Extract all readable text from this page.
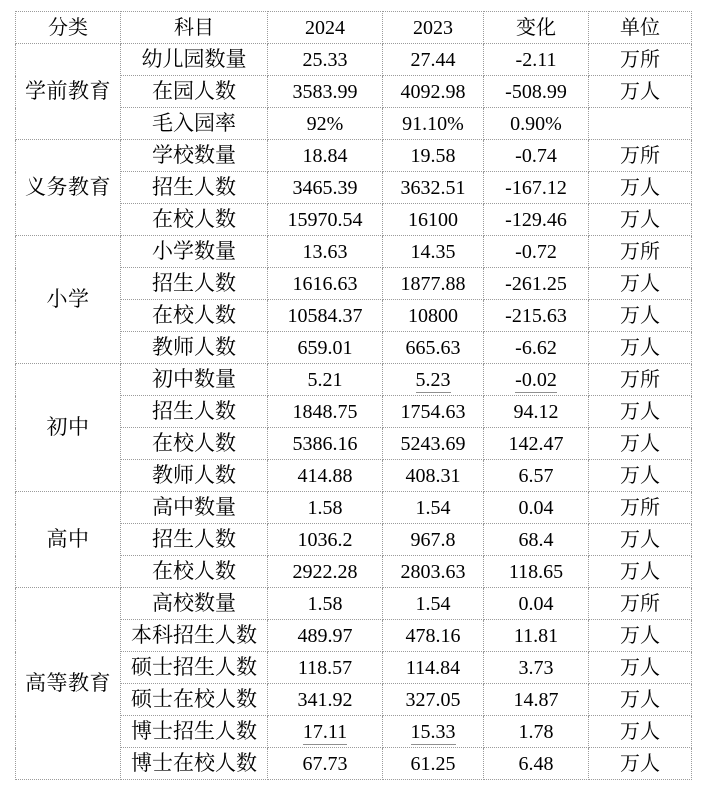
分类	科目	2024	2023	变化	单位
学前教育	幼儿园数量	25.33	27.44	-2.11	万所
	在园人数	3583.99	4092.98	-508.99	万人
	毛入园率	92%	91.10%	0.90%	
义务教育	学校数量	18.84	19.58	-0.74	万所
	招生人数	3465.39	3632.51	-167.12	万人
	在校人数	15970.54	16100	-129.46	万人
小学	小学数量	13.63	14.35	-0.72	万所
	招生人数	1616.63	1877.88	-261.25	万人
	在校人数	10584.37	10800	-215.63	万人
	教师人数	659.01	665.63	-6.62	万人
初中	初中数量	5.21	5.23	-0.02	万所
	招生人数	1848.75	1754.63	94.12	万人
	在校人数	5386.16	5243.69	142.47	万人
	教师人数	414.88	408.31	6.57	万人
高中	高中数量	1.58	1.54	0.04	万所
	招生人数	1036.2	967.8	68.4	万人
	在校人数	2922.28	2803.63	118.65	万人
高等教育	高校数量	1.58	1.54	0.04	万所
	本科招生人数	489.97	478.16	11.81	万人
	硕士招生人数	118.57	114.84	3.73	万人
	硕士在校人数	341.92	327.05	14.87	万人
	博士招生人数	17.11	15.33	1.78	万人
	博士在校人数	67.73	61.25	6.48	万人
